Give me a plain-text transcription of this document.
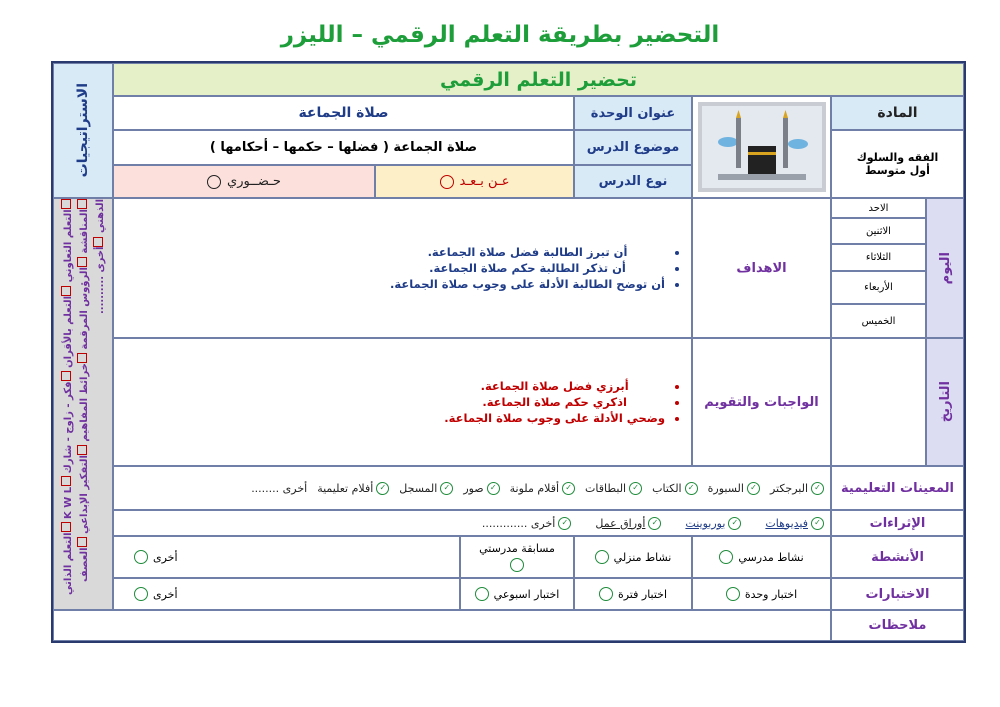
التحضير بطريقة التعلم الرقمي – الليزر
الاستراتيجيات
التعلم التعاوني التعلم بالأقران فكر - زاوج - شارك K W L التعلم الذاتي المناقشة الرؤوس المرقمة خرائط المفاهيم التفكير الإبداعي العصف الذهني أخرى ..........
تحضير التعلم الرقمي
المادة
الفقه والسلوك
أول متوسط
عنوان الوحدة
صلاة الجماعة
موضوع الدرس
صلاة الجماعة ( فضلها – حكمها – أحكامها )
نوع الدرس
عـن بـعـد
حـضــوري
اليوم
الاحد
الاثنين
الثلاثاء
الأربعاء
الخميس
التاريخ
الاهداف
• أن تبرز الطالبة فضل صلاة الجماعة.
• أن تذكر الطالبة حكم صلاة الجماعة.
• أن توضح الطالبة الأدلة على وجوب صلاة الجماعة.
الواجبات والتقويم
• أبرزي فضل صلاة الجماعة.
• اذكري حكم صلاة الجماعة.
• وضحي الأدلة على وجوب صلاة الجماعة.
المعينات التعليمية
✓
البرجكتر
✓
السبورة
✓
الكتاب
✓
البطاقات
✓
أقلام ملونة
✓
صور
✓
المسجل
✓
أفلام تعليمية
أخرى ........
الإثراءات
✓
فيديوهات
✓
بوربوينت
✓
أوراق عمل
✓
أخرى .............
الأنشطة
نشاط مدرسي
نشاط منزلي
مسابقة مدرستي
أخرى
الاختبارات
اختبار وحدة
اختبار فترة
اختبار اسبوعي
أخرى
ملاحظات
